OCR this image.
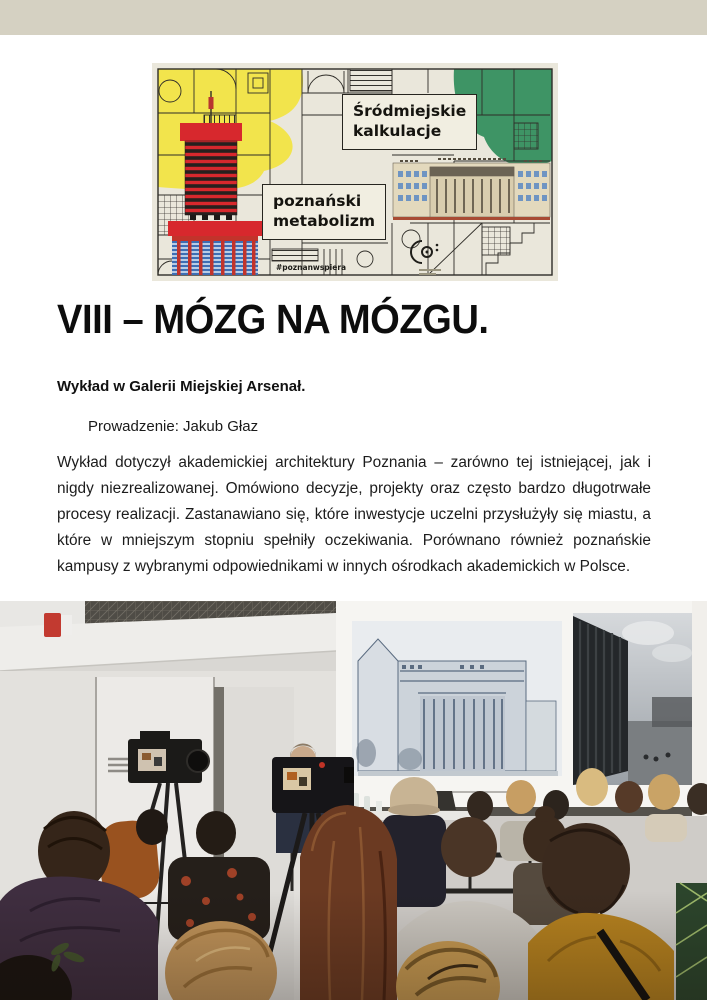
#poznanwspiera
Śródmiejskie
kalkulacje
poznański
metabolizm
VIII – MÓZG NA MÓZGU.

Wykład w Galerii Miejskiej Arsenał.

Prowadzenie: Jakub Głaz

Wykład dotyczył akademickiej architektury Poznania – zarówno tej istniejącej, jak i nigdy niezrealizowanej. Omówiono decyzje, projekty oraz często bardzo długotrwałe procesy realizacji. Zastanawiano się, które inwestycje uczelni przysłużyły się miastu, a które w mniejszym stopniu spełniły oczekiwania. Porównano również poznańskie kampusy z wybranymi odpowiednikami w innych ośrodkach akademickich w Polsce.
